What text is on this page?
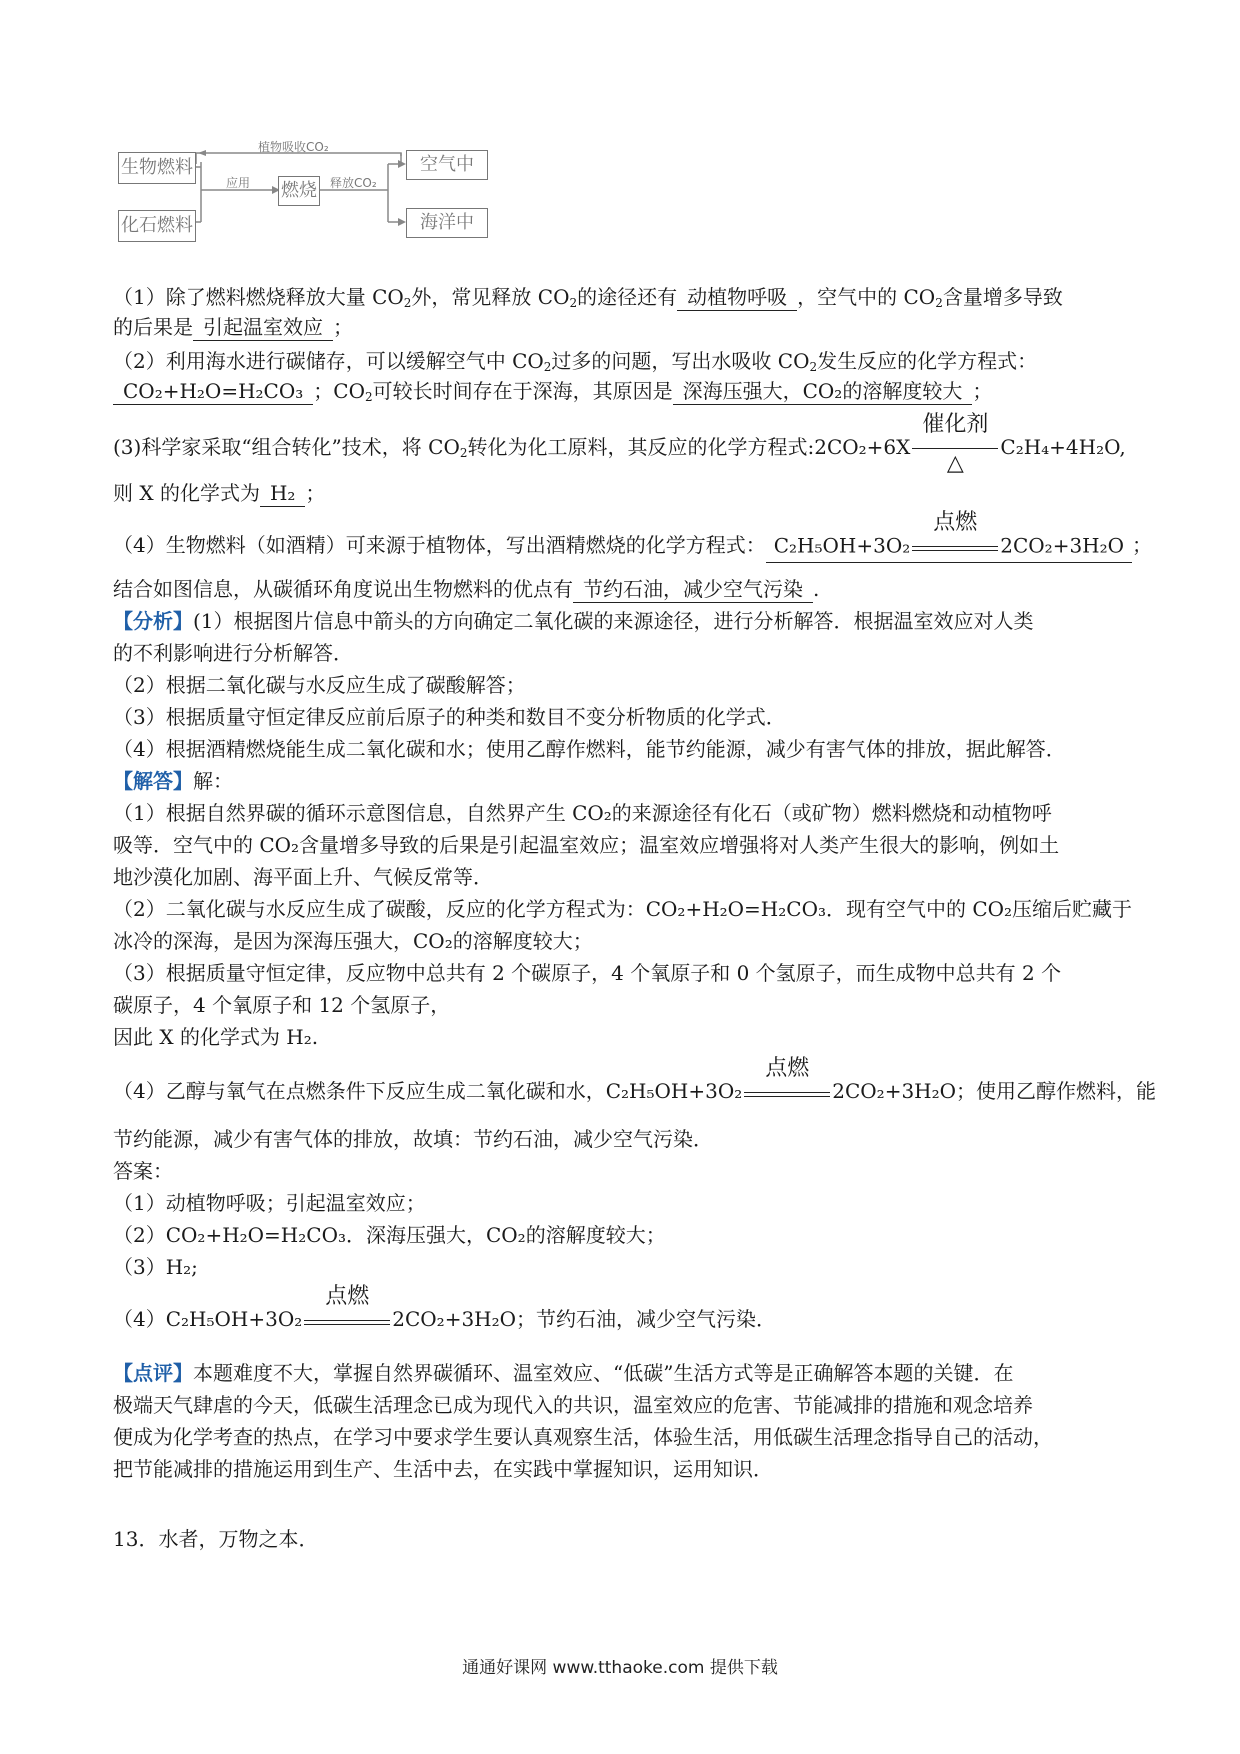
生物燃料
化石燃料
燃烧
空气中
海洋中
植物吸收CO₂
应用	释放CO₂
（1）除了燃料燃烧释放大量 $CO_2$外，常见释放 $CO_2$的途径还有 动植物呼吸 ，空气中的 $CO_2$含量增多导致
的后果是 引起温室效应 ；
（2）利用海水进行碳储存，可以缓解空气中 $CO_2$过多的问题，写出水吸收 $CO_2$发生反应的化学方程式：
CO₂+H₂O=H₂CO₃ ；$CO_2$可较长时间存在于深海，其原因是 深海压强大，CO₂的溶解度较大 ；
(3)科学家采取“组合转化”技术，将 $CO_2$转化为化工原料，其反应的化学方程式:2CO₂+6X
催化剂
△
C₂H₄+4H₂O,
则 X 的化学式为 H₂ ；
（4）生物燃料（如酒精）可来源于植物体，写出酒精燃烧的化学方程式： C₂H₅OH+3O₂
点燃
2CO₂+3H₂O ；
结合如图信息，从碳循环角度说出生物燃料的优点有 节约石油，减少空气污染 .
【分析】(1）根据图片信息中箭头的方向确定二氧化碳的来源途径，进行分析解答．根据温室效应对人类
的不利影响进行分析解答．
（2）根据二氧化碳与水反应生成了碳酸解答；
（3）根据质量守恒定律反应前后原子的种类和数目不变分析物质的化学式．
（4）根据酒精燃烧能生成二氧化碳和水；使用乙醇作燃料，能节约能源，减少有害气体的排放，据此解答．
【解答】解：
（1）根据自然界碳的循环示意图信息，自然界产生 CO₂的来源途径有化石（或矿物）燃料燃烧和动植物呼
吸等．空气中的 CO₂含量增多导致的后果是引起温室效应；温室效应增强将对人类产生很大的影响，例如土
地沙漠化加剧、海平面上升、气候反常等．
（2）二氧化碳与水反应生成了碳酸，反应的化学方程式为：CO₂+H₂O=H₂CO₃．现有空气中的 CO₂压缩后贮藏于
冰冷的深海，是因为深海压强大，CO₂的溶解度较大；
（3）根据质量守恒定律，反应物中总共有 2 个碳原子，4 个氧原子和 0 个氢原子，而生成物中总共有 2 个
碳原子，4 个氧原子和 12 个氢原子，
因此 X 的化学式为 H₂.
（4）乙醇与氧气在点燃条件下反应生成二氧化碳和水，C₂H₅OH+3O₂
点燃
2CO₂+3H₂O；使用乙醇作燃料，能
节约能源，减少有害气体的排放，故填：节约石油，减少空气污染．
答案：
（1）动植物呼吸；引起温室效应；
（2）CO₂+H₂O=H₂CO₃．深海压强大，CO₂的溶解度较大；
（3）H₂;
（4）C₂H₅OH+3O₂
点燃
2CO₂+3H₂O；节约石油，减少空气污染．
【点评】本题难度不大，掌握自然界碳循环、温室效应、“低碳”生活方式等是正确解答本题的关键．在
极端天气肆虐的今天，低碳生活理念已成为现代入的共识，温室效应的危害、节能减排的措施和观念培养
便成为化学考查的热点，在学习中要求学生要认真观察生活，体验生活，用低碳生活理念指导自己的活动，
把节能减排的措施运用到生产、生活中去，在实践中掌握知识，运用知识．
13．水者，万物之本．
通通好课网 www.tthaoke.com 提供下载
